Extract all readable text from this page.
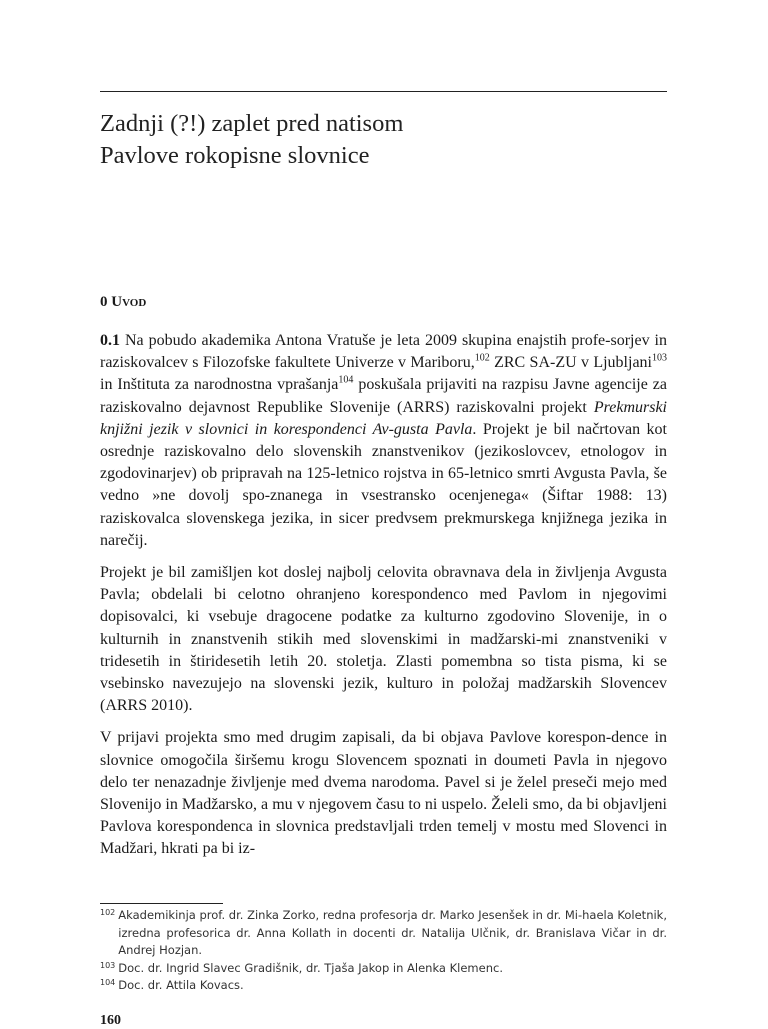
Zadnji (?!) zaplet pred natisom
Pavlove rokopisne slovnice
0 Uvod

0.1 Na pobudo akademika Antona Vratuše je leta 2009 skupina enajstih profe-sorjev in raziskovalcev s Filozofske fakultete Univerze v Mariboru,$^{102}$ ZRC SA-ZU v Ljubljani$^{103}$ in Inštituta za narodnostna vprašanja$^{104}$ poskušala prijaviti na razpisu Javne agencije za raziskovalno dejavnost Republike Slovenije (ARRS) raziskovalni projekt Prekmurski knjižni jezik v slovnici in korespondenci Av-gusta Pavla. Projekt je bil načrtovan kot osrednje raziskovalno delo slovenskih znanstvenikov (jezikoslovcev, etnologov in zgodovinarjev) ob pripravah na 125-letnico rojstva in 65-letnico smrti Avgusta Pavla, še vedno »ne dovolj spo-znanega in vsestransko ocenjenega« (Šiftar 1988: 13) raziskovalca slovenskega jezika, in sicer predvsem prekmurskega knjižnega jezika in narečij.

Projekt je bil zamišljen kot doslej najbolj celovita obravnava dela in življenja Avgusta Pavla; obdelali bi celotno ohranjeno korespondenco med Pavlom in njegovimi dopisovalci, ki vsebuje dragocene podatke za kulturno zgodovino Slovenije, in o kulturnih in znanstvenih stikih med slovenskimi in madžarski-mi znanstveniki v tridesetih in štiridesetih letih 20. stoletja. Zlasti pomembna so tista pisma, ki se vsebinsko navezujejo na slovenski jezik, kulturo in položaj madžarskih Slovencev (ARRS 2010).

V prijavi projekta smo med drugim zapisali, da bi objava Pavlove korespon-dence in slovnice omogočila širšemu krogu Slovencem spoznati in doumeti Pavla in njegovo delo ter nenazadnje življenje med dvema narodoma. Pavel si je želel preseči mejo med Slovenijo in Madžarsko, a mu v njegovem času to ni uspelo. Želeli smo, da bi objavljeni Pavlova korespondenca in slovnica predstavljali trden temelj v mostu med Slovenci in Madžari, hkrati pa bi iz-

102 Akademikinja prof. dr. Zinka Zorko, redna profesorja dr. Marko Jesenšek in dr. Mi-haela Koletnik, izredna profesorica dr. Anna Kollath in docenti dr. Natalija Ulčnik, dr. Branislava Vičar in dr. Andrej Hozjan.
103 Doc. dr. Ingrid Slavec Gradišnik, dr. Tjaša Jakop in Alenka Klemenc.
104 Doc. dr. Attila Kovacs.
160
